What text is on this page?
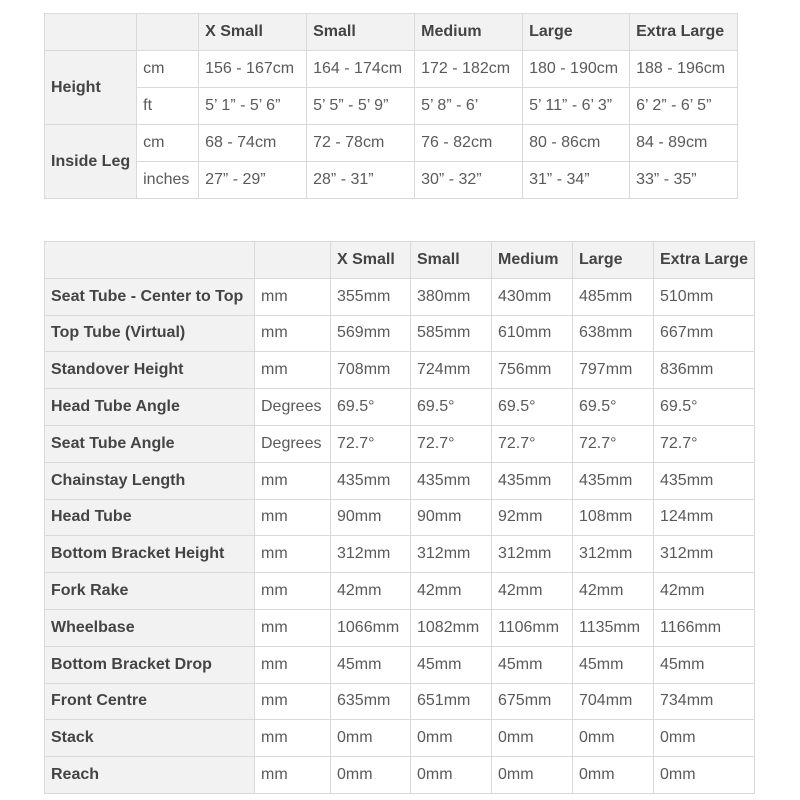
		X Small	Small	Medium	Large	Extra Large
Height	cm	156 - 167cm	164 - 174cm	172 - 182cm	180 - 190cm	188 - 196cm
	ft	5’ 1” - 5’ 6”	5’ 5” - 5’ 9”	5’ 8” - 6’	5’ 11” - 6’ 3”	6’ 2” - 6’ 5”
Inside Leg	cm	68 - 74cm	72 - 78cm	76 - 82cm	80 - 86cm	84 - 89cm
	inches	27” - 29”	28” - 31”	30” - 32”	31” - 34”	33” - 35”
		X Small	Small	Medium	Large	Extra Large
Seat Tube - Center to Top	mm	355mm	380mm	430mm	485mm	510mm
Top Tube (Virtual)	mm	569mm	585mm	610mm	638mm	667mm
Standover Height	mm	708mm	724mm	756mm	797mm	836mm
Head Tube Angle	Degrees	69.5°	69.5°	69.5°	69.5°	69.5°
Seat Tube Angle	Degrees	72.7°	72.7°	72.7°	72.7°	72.7°
Chainstay Length	mm	435mm	435mm	435mm	435mm	435mm
Head Tube	mm	90mm	90mm	92mm	108mm	124mm
Bottom Bracket Height	mm	312mm	312mm	312mm	312mm	312mm
Fork Rake	mm	42mm	42mm	42mm	42mm	42mm
Wheelbase	mm	1066mm	1082mm	1106mm	1135mm	1166mm
Bottom Bracket Drop	mm	45mm	45mm	45mm	45mm	45mm
Front Centre	mm	635mm	651mm	675mm	704mm	734mm
Stack	mm	0mm	0mm	0mm	0mm	0mm
Reach	mm	0mm	0mm	0mm	0mm	0mm
